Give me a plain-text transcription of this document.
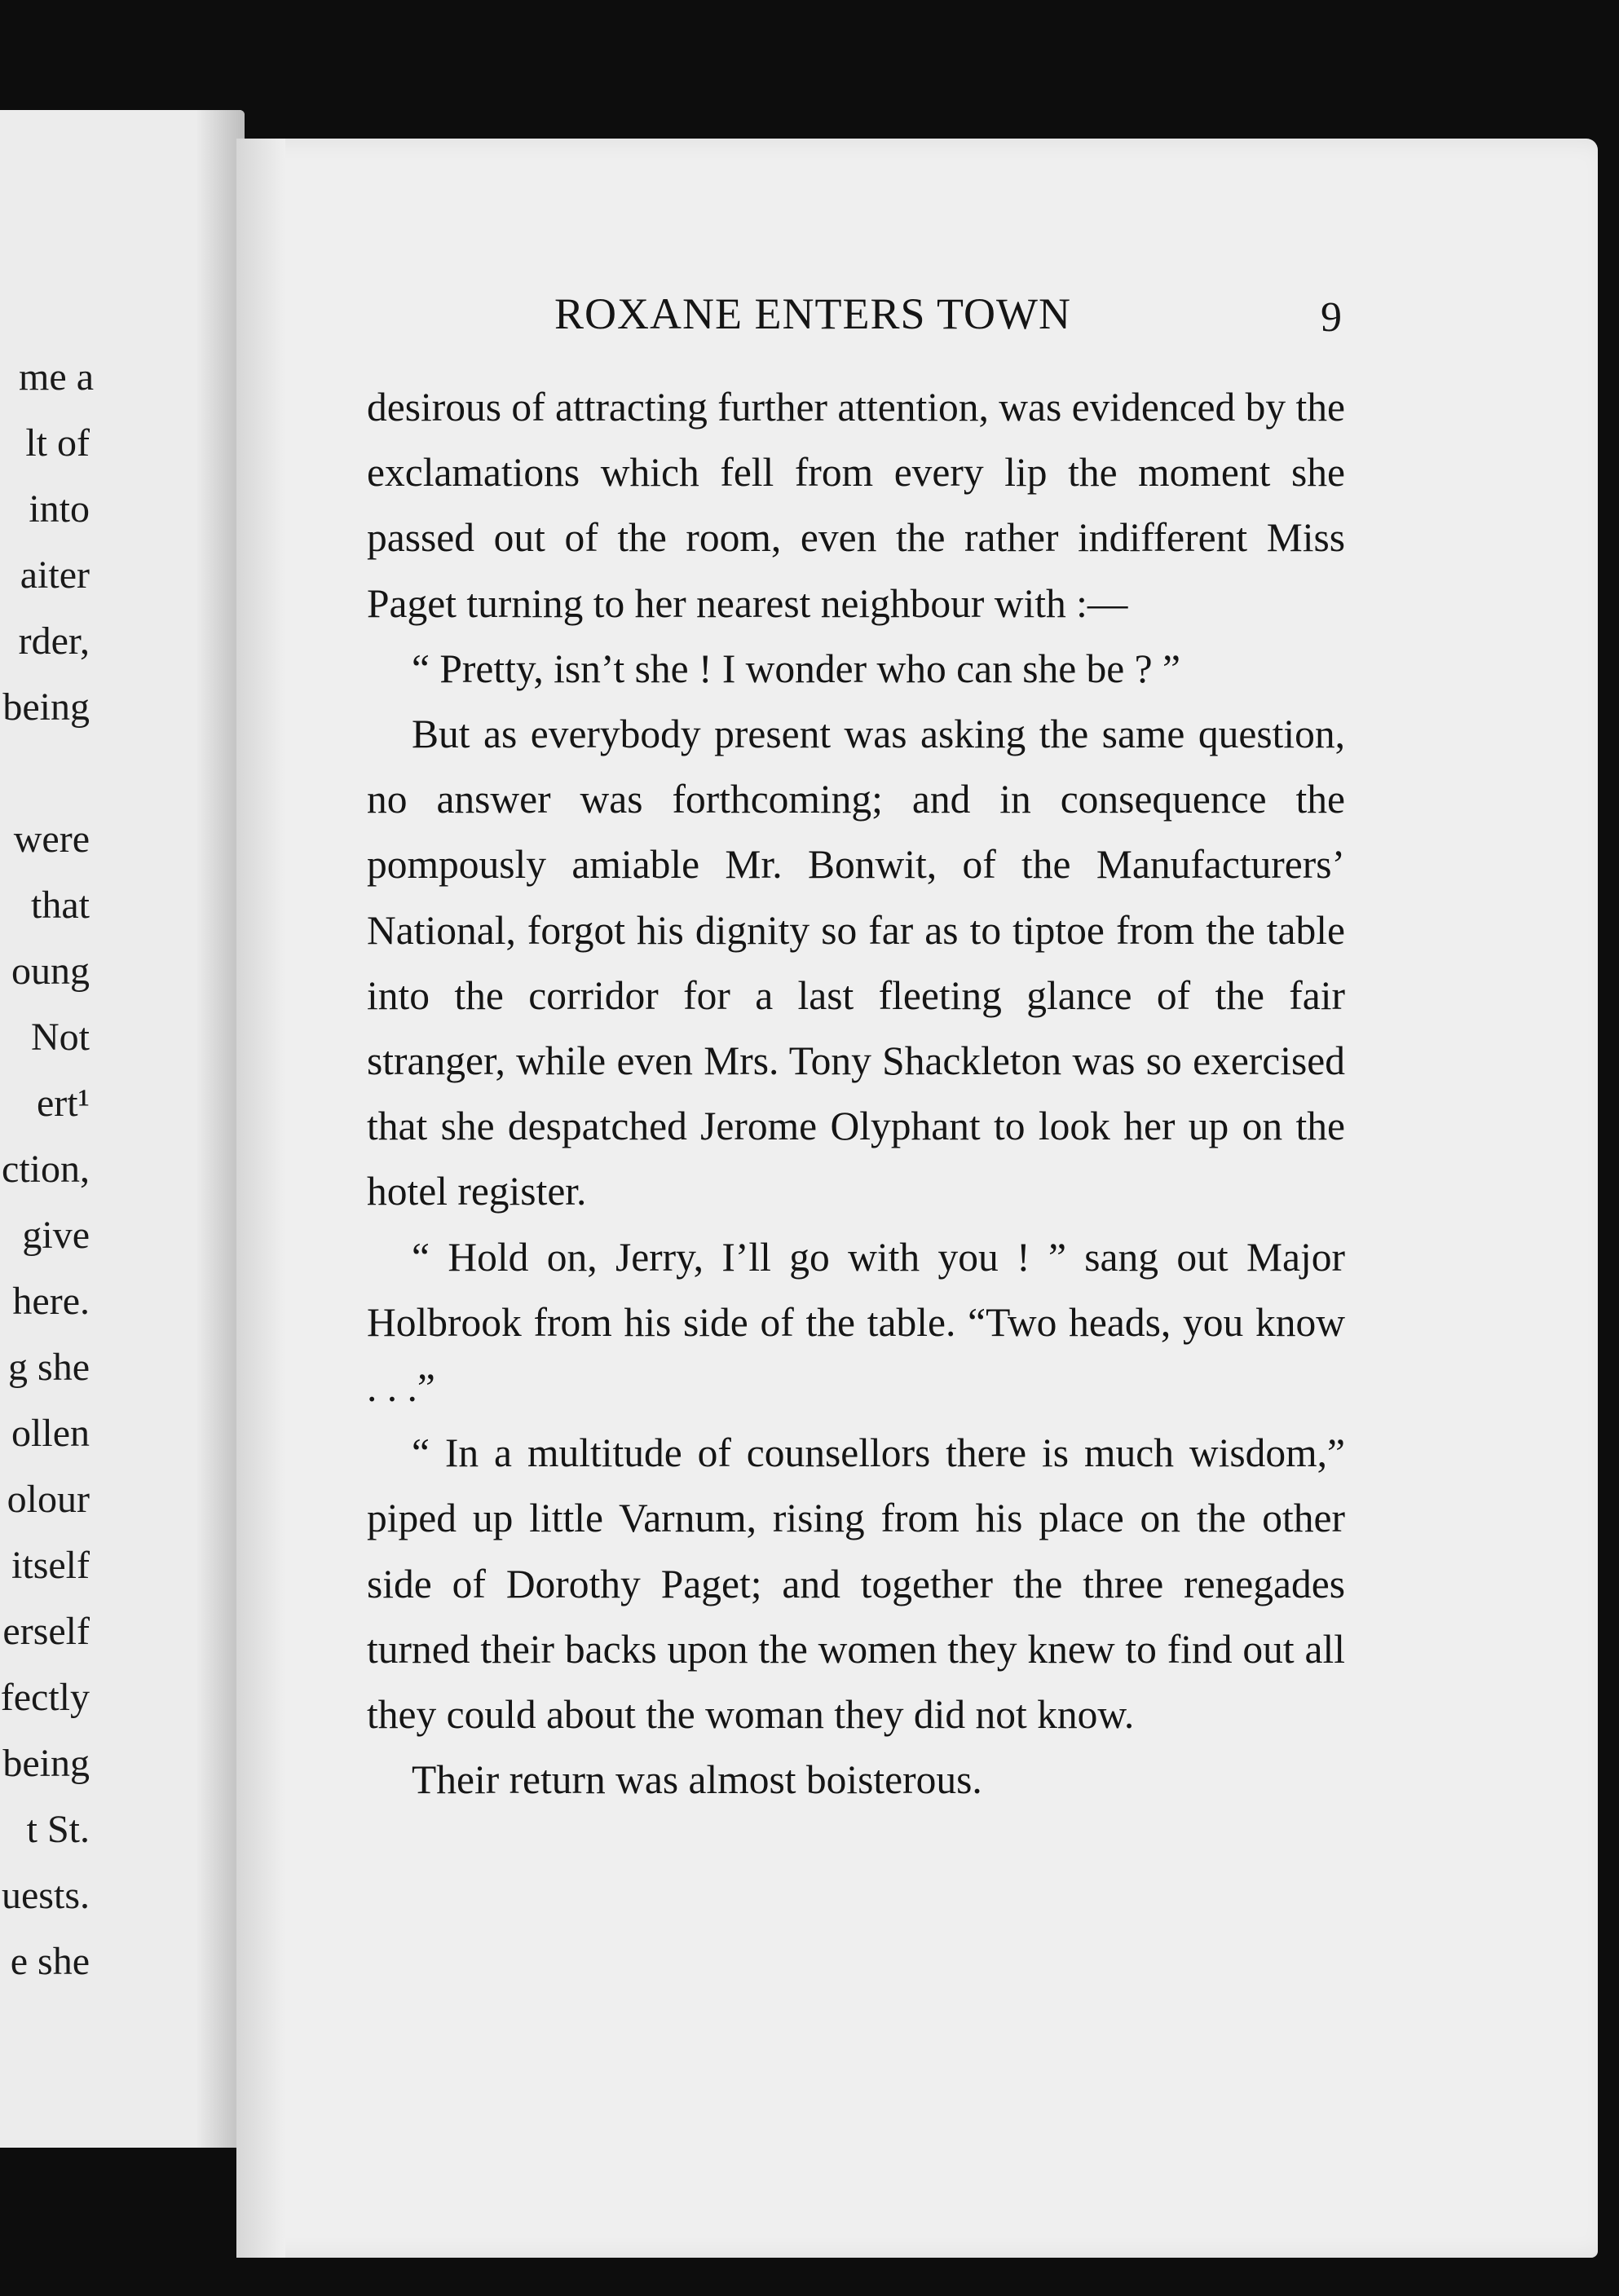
me a
lt of
into
aiter
rder,
being
were
that
oung
Not
ert¹
ction,
give
here.
g she
ollen
olour
itself
erself
fectly
being
t St.
uests.
e she
ROXANE ENTERS TOWN	9

desirous of attracting further attention, was evidenced by the exclamations which fell from every lip the moment she passed out of the room, even the rather indifferent Miss Paget turning to her nearest neighbour with :—

“ Pretty, isn’t she ! I wonder who can she be ? ”

But as everybody present was asking the same question, no answer was forthcoming; and in consequence the pompously amiable Mr. Bonwit, of the Manufacturers’ National, forgot his dignity so far as to tiptoe from the table into the corridor for a last fleeting glance of the fair stranger, while even Mrs. Tony Shackleton was so exercised that she despatched Jerome Olyphant to look her up on the hotel register.

“ Hold on, Jerry, I’ll go with you ! ” sang out Major Holbrook from his side of the table. “Two heads, you know . . .”

“ In a multitude of counsellors there is much wisdom,” piped up little Varnum, rising from his place on the other side of Dorothy Paget; and together the three renegades turned their backs upon the women they knew to find out all they could about the woman they did not know.

Their return was almost boisterous.
